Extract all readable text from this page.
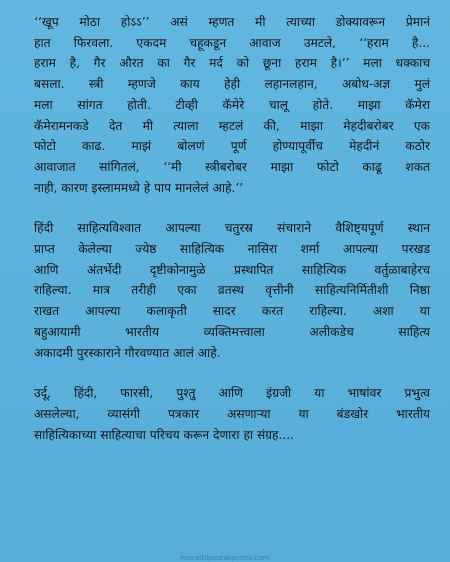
‘‘खूप मोठा होऽऽ’’ असं म्हणत मी त्याच्या डोक्यावरून प्रेमानं
हात फिरवला. एकदम चहूकडून आवाज उमटले, ‘‘हराम है...
हराम है, गैर औरत का गैर मर्द को छूना हराम है।’’ मला धक्काच
बसला. स्त्री म्हणजे काय हेही लहानलहान, अबोध-अज्ञ मुलं
मला सांगत होती. टीव्ही कॅमेरे चालू होते. माझा कॅमेरा
कॅमेरामनकडे देत मी त्याला म्हटलं की, माझा मेहदीबरोबर एक
फोटो काढ. माझं बोलणं पूर्ण होण्यापूर्वीच मेहदीनं कठोर
आवाजात सांगितलं, ‘‘मी स्त्रीबरोबर माझा फोटो काढू शकत
नाही, कारण इस्लाममध्ये हे पाप मानलेलं आहे.’’
हिंदी साहित्यविश्वात आपल्या चतुरस्र संचाराने वैशिष्ट्यपूर्ण स्थान
प्राप्त केलेल्या ज्येष्ठ साहित्यिक नासिरा शर्मा आपल्या परखड
आणि अंतर्भेदी दृष्टीकोनामुळे प्रस्थापित साहित्यिक वर्तुळाबाहेरच
राहिल्या. मात्र तरीही एका व्रतस्थ वृत्तीनी साहित्यनिर्मितीशी निष्ठा
राखत आपल्या कलाकृती सादर करत राहिल्या. अशा या
बहुआयामी भारतीय व्यक्तिमत्त्वाला अलीकडेच साहित्य
अकादमी पुरस्काराने गौरवण्यात आलं आहे.
उर्दू, हिंदी, फारसी, पुश्तु आणि इंग्रजी या भाषांवर प्रभुत्व
असलेल्या, व्यासंगी पत्रकार असणाऱ्या या बंडखोर भारतीय
साहित्यिकाच्या साहित्याचा परिचय करून देणारा हा संग्रह....
marathipustakpremi.com
